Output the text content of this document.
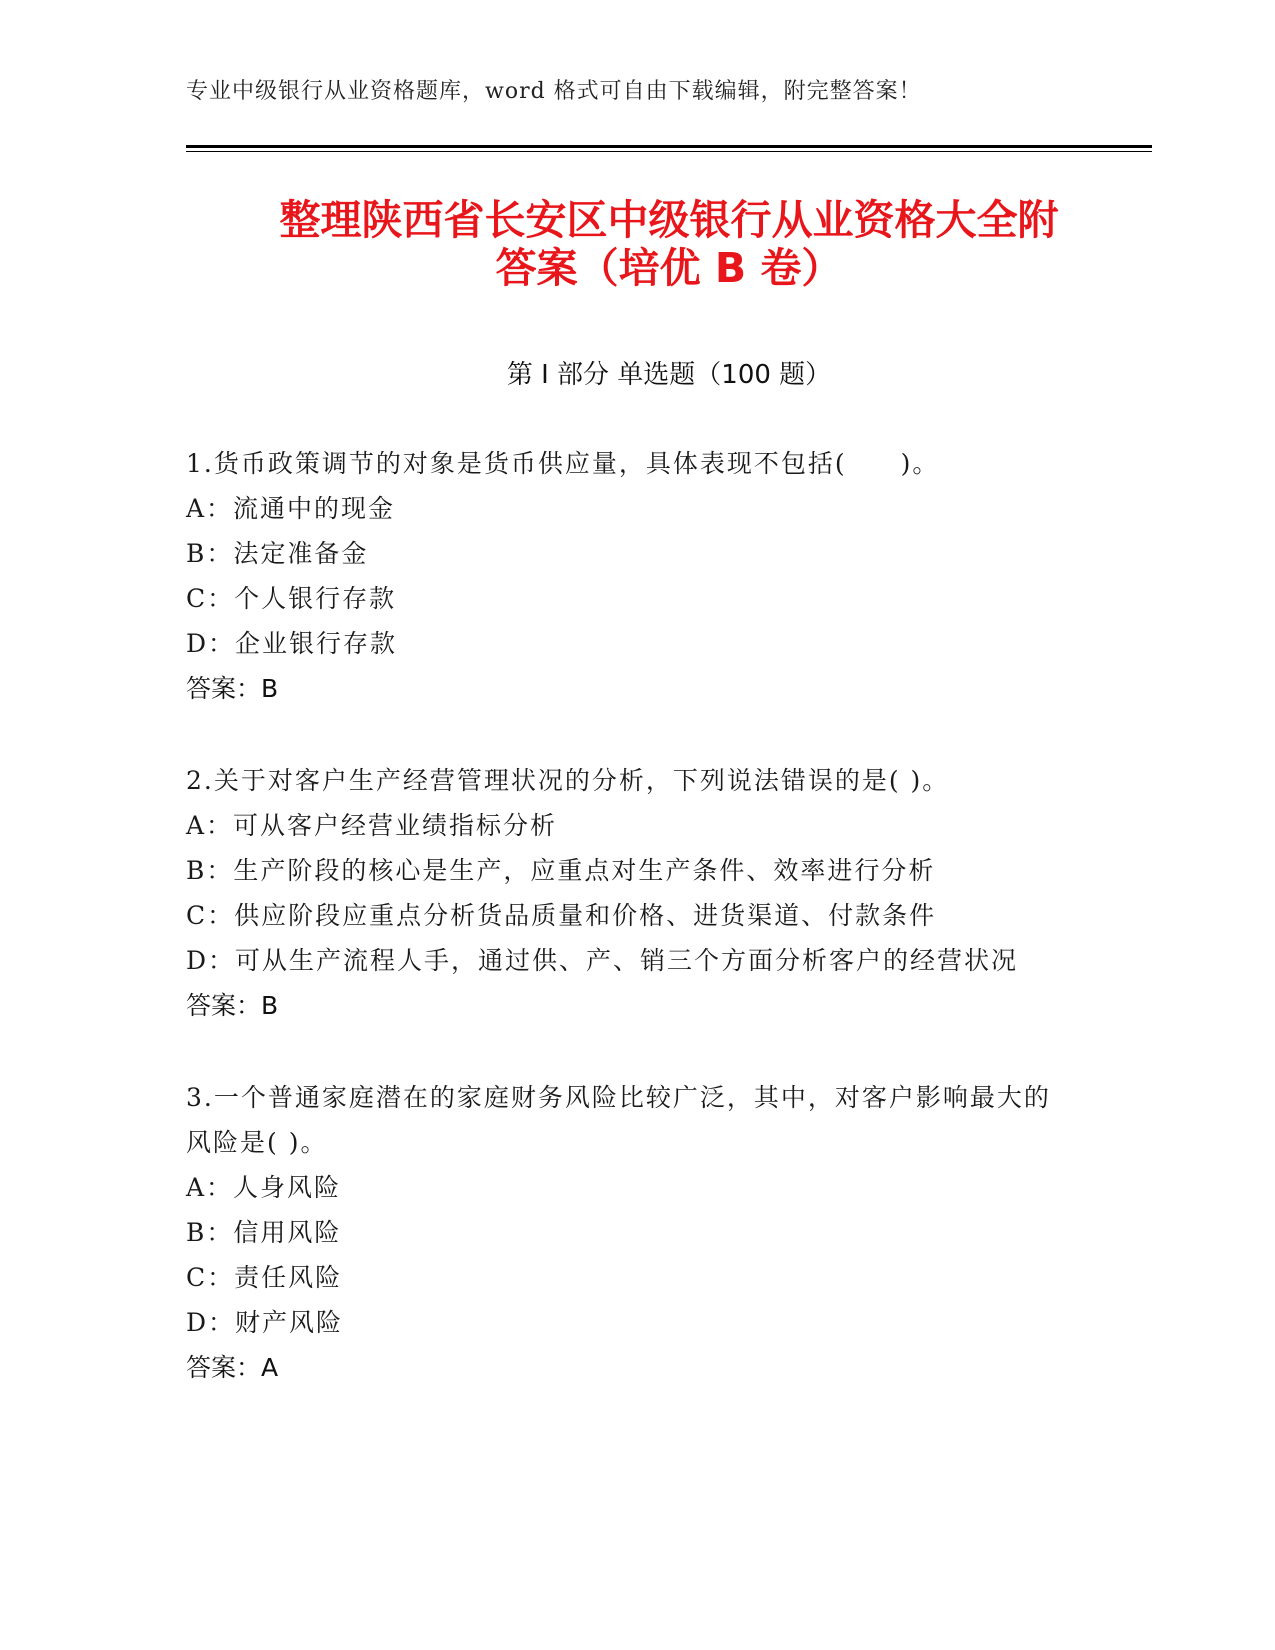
专业中级银行从业资格题库，word 格式可自由下载编辑，附完整答案！
整理陕西省长安区中级银行从业资格大全附
答案（培优 B 卷）
第 I 部分 单选题（100 题）
1.货币政策调节的对象是货币供应量，具体表现不包括(　　)。
A：流通中的现金
B：法定准备金
C：个人银行存款
D：企业银行存款
答案：B
2.关于对客户生产经营管理状况的分析，下列说法错误的是( )。
A：可从客户经营业绩指标分析
B：生产阶段的核心是生产，应重点对生产条件、效率进行分析
C：供应阶段应重点分析货品质量和价格、进货渠道、付款条件
D：可从生产流程人手，通过供、产、销三个方面分析客户的经营状况
答案：B
3.一个普通家庭潜在的家庭财务风险比较广泛，其中，对客户影响最大的风险是( )。
A：人身风险
B：信用风险
C：责任风险
D：财产风险
答案：A
